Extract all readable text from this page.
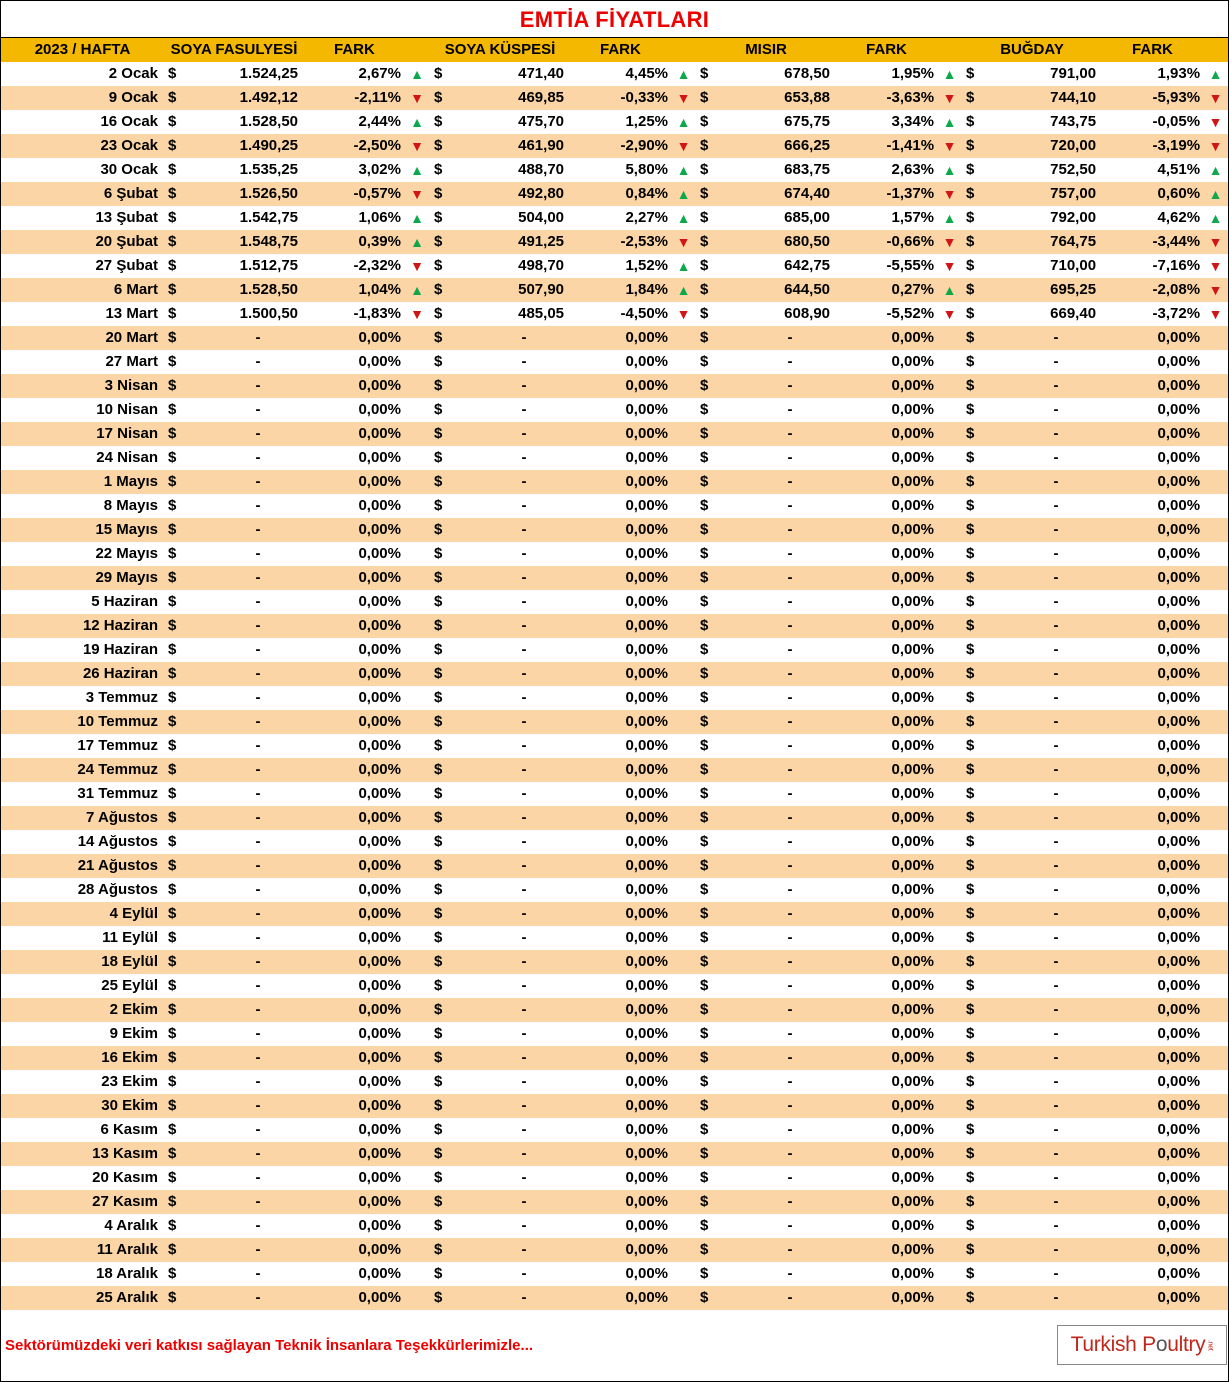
EMTİA FİYATLARI
2023 / HAFTA	SOYA FASULYESİ		FARK		SOYA KÜSPESİ		FARK		MISIR		FARK		BUĞDAY		FARK	
2 Ocak	$	1.524,25	2,67%	▲	$	471,40	4,45%	▲	$	678,50	1,95%	▲	$	791,00	1,93%	▲
9 Ocak	$	1.492,12	-2,11%	▼	$	469,85	-0,33%	▼	$	653,88	-3,63%	▼	$	744,10	-5,93%	▼
16 Ocak	$	1.528,50	2,44%	▲	$	475,70	1,25%	▲	$	675,75	3,34%	▲	$	743,75	-0,05%	▼
23 Ocak	$	1.490,25	-2,50%	▼	$	461,90	-2,90%	▼	$	666,25	-1,41%	▼	$	720,00	-3,19%	▼
30 Ocak	$	1.535,25	3,02%	▲	$	488,70	5,80%	▲	$	683,75	2,63%	▲	$	752,50	4,51%	▲
6 Şubat	$	1.526,50	-0,57%	▼	$	492,80	0,84%	▲	$	674,40	-1,37%	▼	$	757,00	0,60%	▲
13 Şubat	$	1.542,75	1,06%	▲	$	504,00	2,27%	▲	$	685,00	1,57%	▲	$	792,00	4,62%	▲
20 Şubat	$	1.548,75	0,39%	▲	$	491,25	-2,53%	▼	$	680,50	-0,66%	▼	$	764,75	-3,44%	▼
27 Şubat	$	1.512,75	-2,32%	▼	$	498,70	1,52%	▲	$	642,75	-5,55%	▼	$	710,00	-7,16%	▼
6 Mart	$	1.528,50	1,04%	▲	$	507,90	1,84%	▲	$	644,50	0,27%	▲	$	695,25	-2,08%	▼
13 Mart	$	1.500,50	-1,83%	▼	$	485,05	-4,50%	▼	$	608,90	-5,52%	▼	$	669,40	-3,72%	▼
20 Mart	$	-	0,00%		$	-	0,00%		$	-	0,00%		$	-	0,00%	
27 Mart	$	-	0,00%		$	-	0,00%		$	-	0,00%		$	-	0,00%	
3 Nisan	$	-	0,00%		$	-	0,00%		$	-	0,00%		$	-	0,00%	
10 Nisan	$	-	0,00%		$	-	0,00%		$	-	0,00%		$	-	0,00%	
17 Nisan	$	-	0,00%		$	-	0,00%		$	-	0,00%		$	-	0,00%	
24 Nisan	$	-	0,00%		$	-	0,00%		$	-	0,00%		$	-	0,00%	
1 Mayıs	$	-	0,00%		$	-	0,00%		$	-	0,00%		$	-	0,00%	
8 Mayıs	$	-	0,00%		$	-	0,00%		$	-	0,00%		$	-	0,00%	
15 Mayıs	$	-	0,00%		$	-	0,00%		$	-	0,00%		$	-	0,00%	
22 Mayıs	$	-	0,00%		$	-	0,00%		$	-	0,00%		$	-	0,00%	
29 Mayıs	$	-	0,00%		$	-	0,00%		$	-	0,00%		$	-	0,00%	
5 Haziran	$	-	0,00%		$	-	0,00%		$	-	0,00%		$	-	0,00%	
12 Haziran	$	-	0,00%		$	-	0,00%		$	-	0,00%		$	-	0,00%	
19 Haziran	$	-	0,00%		$	-	0,00%		$	-	0,00%		$	-	0,00%	
26 Haziran	$	-	0,00%		$	-	0,00%		$	-	0,00%		$	-	0,00%	
3 Temmuz	$	-	0,00%		$	-	0,00%		$	-	0,00%		$	-	0,00%	
10 Temmuz	$	-	0,00%		$	-	0,00%		$	-	0,00%		$	-	0,00%	
17 Temmuz	$	-	0,00%		$	-	0,00%		$	-	0,00%		$	-	0,00%	
24 Temmuz	$	-	0,00%		$	-	0,00%		$	-	0,00%		$	-	0,00%	
31 Temmuz	$	-	0,00%		$	-	0,00%		$	-	0,00%		$	-	0,00%	
7 Ağustos	$	-	0,00%		$	-	0,00%		$	-	0,00%		$	-	0,00%	
14 Ağustos	$	-	0,00%		$	-	0,00%		$	-	0,00%		$	-	0,00%	
21 Ağustos	$	-	0,00%		$	-	0,00%		$	-	0,00%		$	-	0,00%	
28 Ağustos	$	-	0,00%		$	-	0,00%		$	-	0,00%		$	-	0,00%	
4 Eylül	$	-	0,00%		$	-	0,00%		$	-	0,00%		$	-	0,00%	
11 Eylül	$	-	0,00%		$	-	0,00%		$	-	0,00%		$	-	0,00%	
18 Eylül	$	-	0,00%		$	-	0,00%		$	-	0,00%		$	-	0,00%	
25 Eylül	$	-	0,00%		$	-	0,00%		$	-	0,00%		$	-	0,00%	
2 Ekim	$	-	0,00%		$	-	0,00%		$	-	0,00%		$	-	0,00%	
9 Ekim	$	-	0,00%		$	-	0,00%		$	-	0,00%		$	-	0,00%	
16 Ekim	$	-	0,00%		$	-	0,00%		$	-	0,00%		$	-	0,00%	
23 Ekim	$	-	0,00%		$	-	0,00%		$	-	0,00%		$	-	0,00%	
30 Ekim	$	-	0,00%		$	-	0,00%		$	-	0,00%		$	-	0,00%	
6 Kasım	$	-	0,00%		$	-	0,00%		$	-	0,00%		$	-	0,00%	
13 Kasım	$	-	0,00%		$	-	0,00%		$	-	0,00%		$	-	0,00%	
20 Kasım	$	-	0,00%		$	-	0,00%		$	-	0,00%		$	-	0,00%	
27 Kasım	$	-	0,00%		$	-	0,00%		$	-	0,00%		$	-	0,00%	
4 Aralık	$	-	0,00%		$	-	0,00%		$	-	0,00%		$	-	0,00%	
11 Aralık	$	-	0,00%		$	-	0,00%		$	-	0,00%		$	-	0,00%	
18 Aralık	$	-	0,00%		$	-	0,00%		$	-	0,00%		$	-	0,00%	
25 Aralık	$	-	0,00%		$	-	0,00%		$	-	0,00%		$	-	0,00%	
Sektörümüzdeki veri katkısı sağlayan Teknik İnsanlara Teşekkürlerimizle...	Turkish P o ultry .net
